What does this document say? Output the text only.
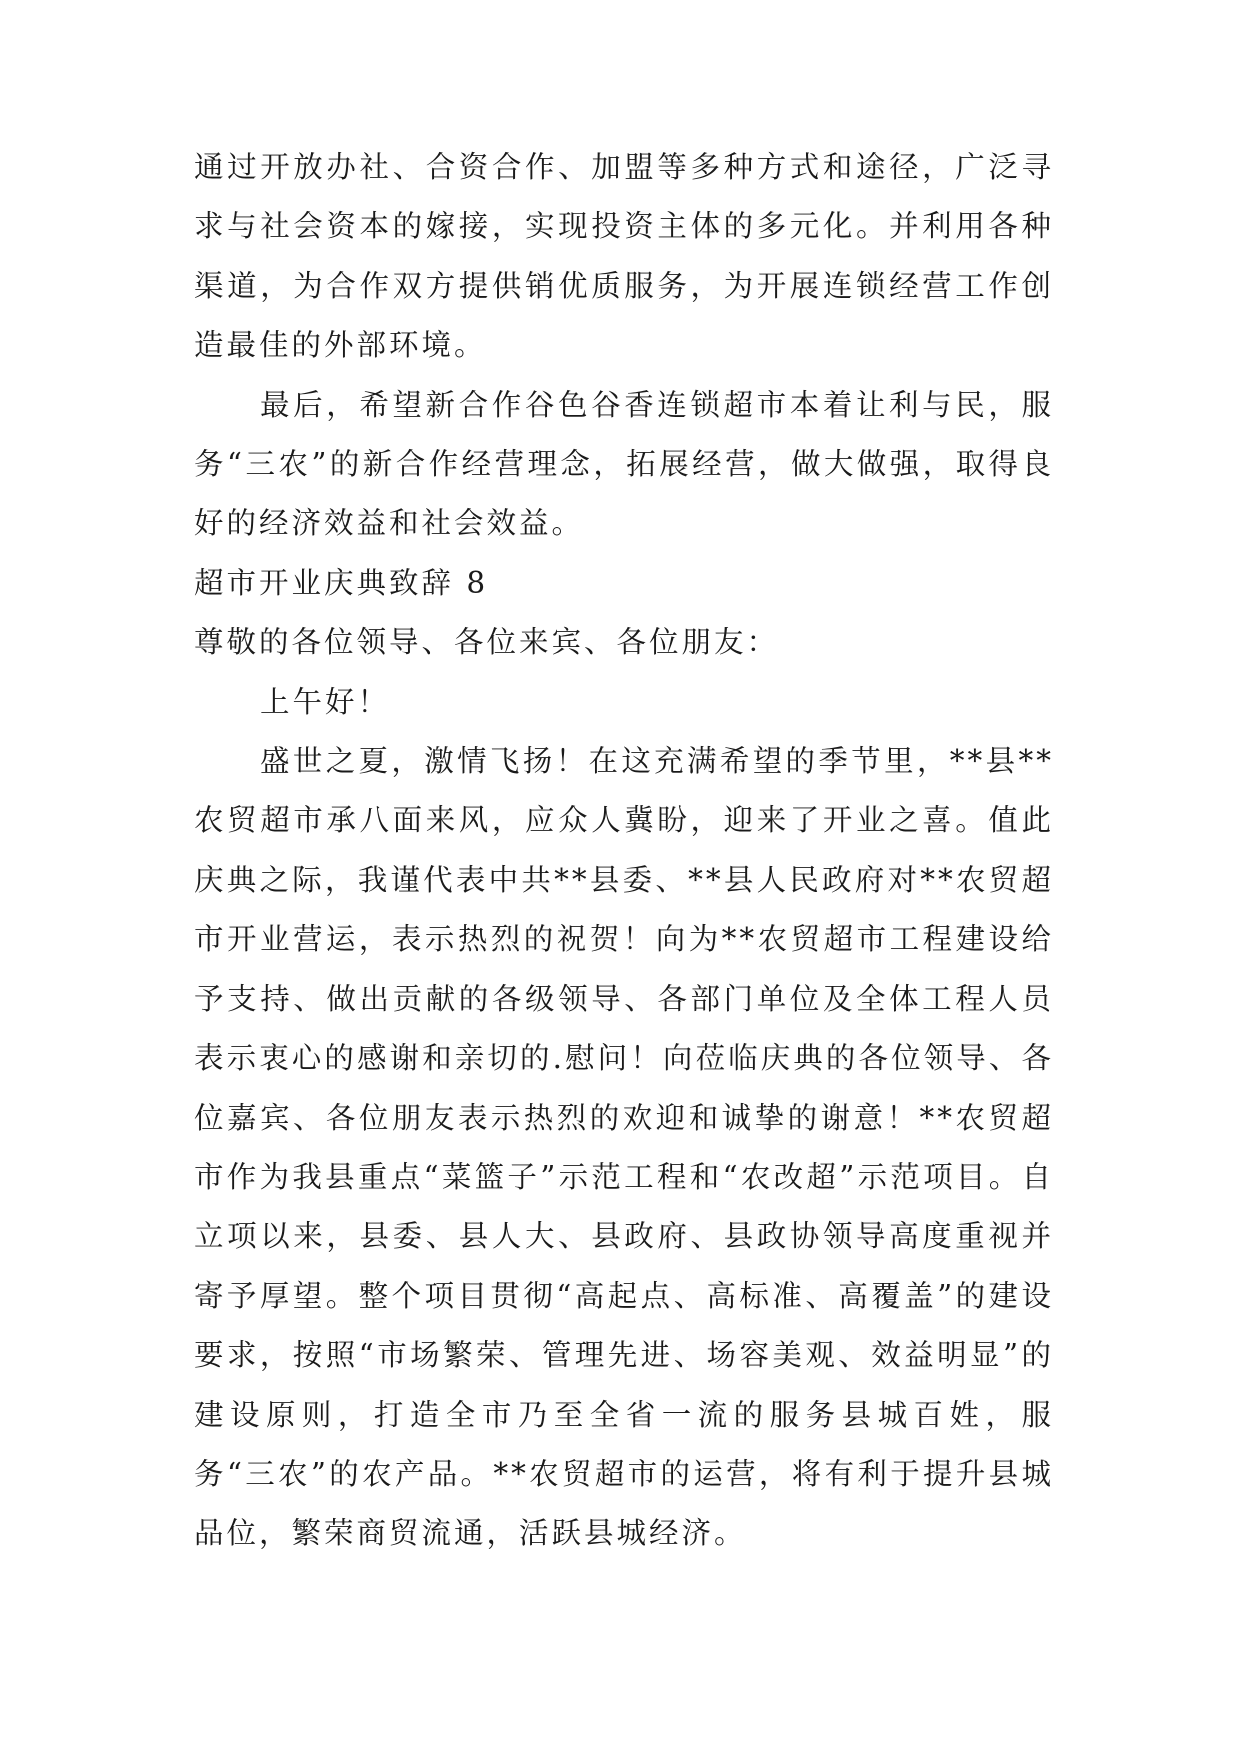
通过开放办社、合资合作、加盟等多种方式和途径，广泛寻求与社会资本的嫁接，实现投资主体的多元化。并利用各种渠道，为合作双方提供销优质服务，为开展连锁经营工作创造最佳的外部环境。

最后，希望新合作谷色谷香连锁超市本着让利与民，服务“三农”的新合作经营理念，拓展经营，做大做强，取得良好的经济效益和社会效益。

超市开业庆典致辞 8

尊敬的各位领导、各位来宾、各位朋友：

上午好！

盛世之夏，激情飞扬！在这充满希望的季节里，**县**农贸超市承八面来风，应众人冀盼，迎来了开业之喜。值此庆典之际，我谨代表中共**县委、**县人民政府对**农贸超市开业营运，表示热烈的祝贺！向为**农贸超市工程建设给予支持、做出贡献的各级领导、各部门单位及全体工程人员表示衷心的感谢和亲切的.慰问！向莅临庆典的各位领导、各位嘉宾、各位朋友表示热烈的欢迎和诚挚的谢意！**农贸超市作为我县重点“菜篮子”示范工程和“农改超”示范项目。自立项以来，县委、县人大、县政府、县政协领导高度重视并寄予厚望。整个项目贯彻“高起点、高标准、高覆盖”的建设要求，按照“市场繁荣、管理先进、场容美观、效益明显”的建设原则，打造全市乃至全省一流的服务县城百姓，服务“三农”的农产品。**农贸超市的运营，将有利于提升县城品位，繁荣商贸流通，活跃县城经济。
